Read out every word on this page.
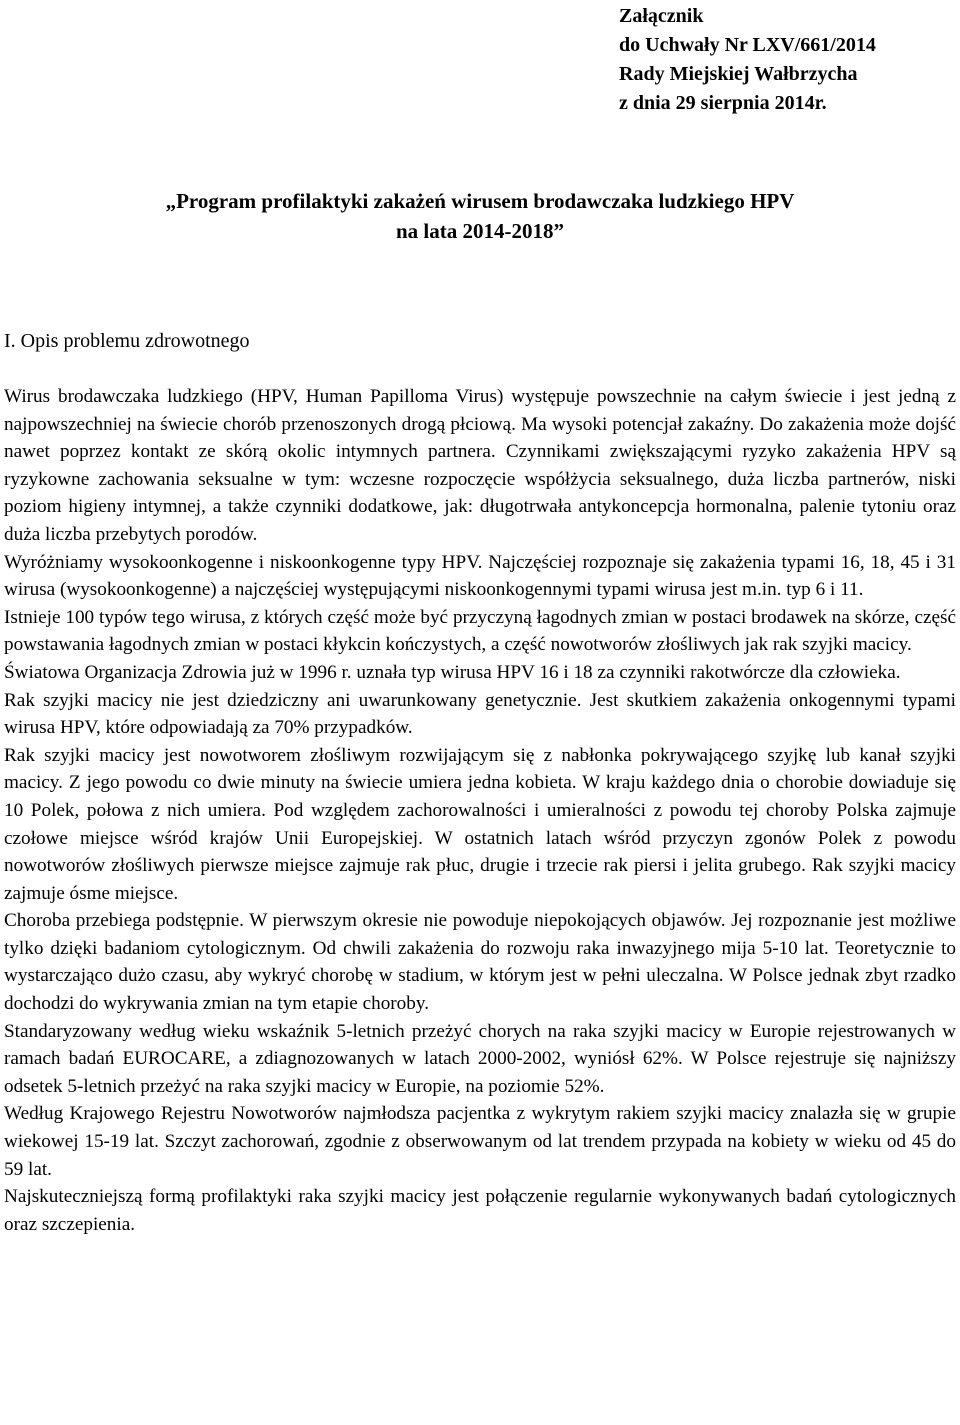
Załącznik
do Uchwały Nr LXV/661/2014
Rady Miejskiej Wałbrzycha
z dnia 29 sierpnia 2014r.
„Program profilaktyki zakażeń wirusem brodawczaka ludzkiego HPV
na lata 2014-2018”
I. Opis problemu zdrowotnego

Wirus brodawczaka ludzkiego (HPV, Human Papilloma Virus) występuje powszechnie na całym świecie i jest jedną z najpowszechniej na świecie chorób przenoszonych drogą płciową. Ma wysoki potencjał zakaźny. Do zakażenia może dojść nawet poprzez kontakt ze skórą okolic intymnych partnera. Czynnikami zwiększającymi ryzyko zakażenia HPV są ryzykowne zachowania seksualne w tym: wczesne rozpoczęcie współżycia seksualnego, duża liczba partnerów, niski poziom higieny intymnej, a także czynniki dodatkowe, jak: długotrwała antykoncepcja hormonalna, palenie tytoniu oraz duża liczba przebytych porodów.

Wyróżniamy wysokoonkogenne i niskoonkogenne typy HPV. Najczęściej rozpoznaje się zakażenia typami 16, 18, 45 i 31 wirusa (wysokoonkogenne) a najczęściej występującymi niskoonkogennymi typami wirusa jest m.in. typ 6 i 11.

Istnieje 100 typów tego wirusa, z których część może być przyczyną łagodnych zmian w postaci brodawek na skórze, część powstawania łagodnych zmian w postaci kłykcin kończystych, a część nowotworów złośliwych jak rak szyjki macicy.

Światowa Organizacja Zdrowia już w 1996 r. uznała typ wirusa HPV 16 i 18 za czynniki rakotwórcze dla człowieka.

Rak szyjki macicy nie jest dziedziczny ani uwarunkowany genetycznie. Jest skutkiem zakażenia onkogennymi typami wirusa HPV, które odpowiadają za 70% przypadków.

Rak szyjki macicy jest nowotworem złośliwym rozwijającym się z nabłonka pokrywającego szyjkę lub kanał szyjki macicy. Z jego powodu co dwie minuty na świecie umiera jedna kobieta. W kraju każdego dnia o chorobie dowiaduje się 10 Polek, połowa z nich umiera. Pod względem zachorowalności i umieralności z powodu tej choroby Polska zajmuje czołowe miejsce wśród krajów Unii Europejskiej. W ostatnich latach wśród przyczyn zgonów Polek z powodu nowotworów złośliwych pierwsze miejsce zajmuje rak płuc, drugie i trzecie rak piersi i jelita grubego. Rak szyjki macicy zajmuje ósme miejsce.

Choroba przebiega podstępnie. W pierwszym okresie nie powoduje niepokojących objawów. Jej rozpoznanie jest możliwe tylko dzięki badaniom cytologicznym. Od chwili zakażenia do rozwoju raka inwazyjnego mija 5-10 lat. Teoretycznie to wystarczająco dużo czasu, aby wykryć chorobę w stadium, w którym jest w pełni uleczalna. W Polsce jednak zbyt rzadko dochodzi do wykrywania zmian na tym etapie choroby.

Standaryzowany według wieku wskaźnik 5-letnich przeżyć chorych na raka szyjki macicy w Europie rejestrowanych w ramach badań EUROCARE, a zdiagnozowanych w latach 2000-2002, wyniósł 62%. W Polsce rejestruje się najniższy odsetek 5-letnich przeżyć na raka szyjki macicy w Europie, na poziomie 52%.

Według Krajowego Rejestru Nowotworów najmłodsza pacjentka z wykrytym rakiem szyjki macicy znalazła się w grupie wiekowej 15-19 lat. Szczyt zachorowań, zgodnie z obserwowanym od lat trendem przypada na kobiety w wieku od 45 do 59 lat.

Najskuteczniejszą formą profilaktyki raka szyjki macicy jest połączenie regularnie wykonywanych badań cytologicznych oraz szczepienia.
